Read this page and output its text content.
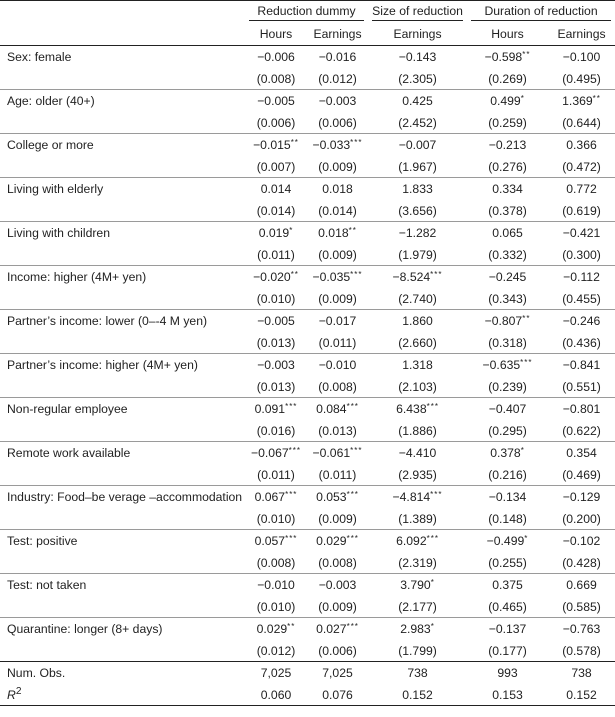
	Reduction dummy		Size of reduction	Duration of reduction	

	Hours	Earnings	Earnings	Hours	Earnings
Sex: female	−0.006	−0.016	−0.143	−0.598**	−0.100
	(0.008)	(0.012)	(2.305)	(0.269)	(0.495)
Age: older (40+)	−0.005	−0.003	0.425	0.499*	1.369**
	(0.006)	(0.006)	(2.452)	(0.259)	(0.644)
College or more	−0.015**	−0.033***	−0.007	−0.213	0.366
	(0.007)	(0.009)	(1.967)	(0.276)	(0.472)
Living with elderly	0.014	0.018	1.833	0.334	0.772
	(0.014)	(0.014)	(3.656)	(0.378)	(0.619)
Living with children	0.019*	0.018**	−1.282	0.065	−0.421
	(0.011)	(0.009)	(1.979)	(0.332)	(0.300)
Income: higher (4M+ yen)	−0.020**	−0.035***	−8.524***	−0.245	−0.112
	(0.010)	(0.009)	(2.740)	(0.343)	(0.455)
Partner’s income: lower (0–-4 M yen)	−0.005	−0.017	1.860	−0.807**	−0.246
	(0.013)	(0.011)	(2.660)	(0.318)	(0.436)
Partner’s income: higher (4M+ yen)	−0.003	−0.010	1.318	−0.635***	−0.841
	(0.013)	(0.008)	(2.103)	(0.239)	(0.551)
Non-regular employee	0.091***	0.084***	6.438***	−0.407	−0.801
	(0.016)	(0.013)	(1.886)	(0.295)	(0.622)
Remote work available	−0.067***	−0.061***	−4.410	0.378*	0.354
	(0.011)	(0.011)	(2.935)	(0.216)	(0.469)
Industry: Food–be verage –accommodation	0.067***	0.053***	−4.814***	−0.134	−0.129
	(0.010)	(0.009)	(1.389)	(0.148)	(0.200)
Test: positive	0.057***	0.029***	6.092***	−0.499*	−0.102
	(0.008)	(0.008)	(2.319)	(0.255)	(0.428)
Test: not taken	−0.010	−0.003	3.790*	0.375	0.669
	(0.010)	(0.009)	(2.177)	(0.465)	(0.585)
Quarantine: longer (8+ days)	0.029**	0.027***	2.983*	−0.137	−0.763
	(0.012)	(0.006)	(1.799)	(0.177)	(0.578)
Num. Obs.	7,025	7,025	738	993	738
$R^2$	0.060	0.076	0.152	0.153	0.152
